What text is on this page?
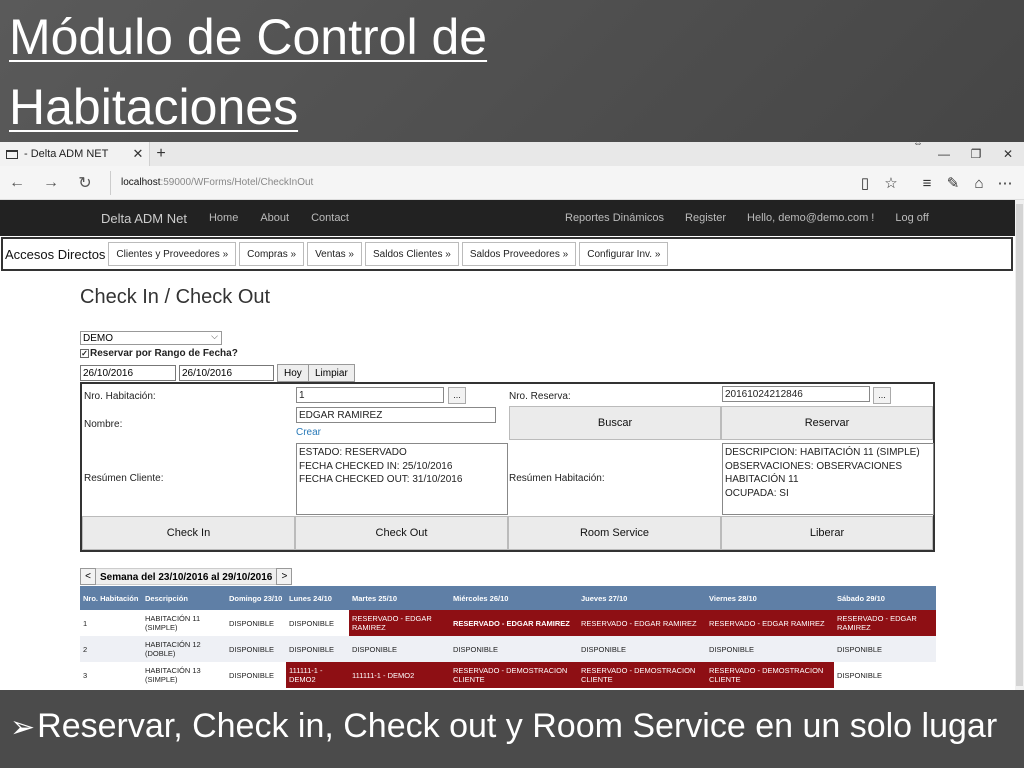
Módulo de Control de
Habitaciones
- Delta ADM NET	✕ +
⇔
—	❐	✕
←	→	↻	localhost :59000/WForms/Hotel/CheckInOut	▯	☆	≡	✎	⌂ ⋯
Delta ADM Net Home About Contact	Reportes Dinámicos Register Hello, demo@demo.com ! Log off
Accesos Directos	Clientes y Proveedores »	Compras »	Ventas »	Saldos Clientes »	Saldos Proveedores »	Configurar Inv. »
Check In / Check Out
DEMO	⌵
✓ Reservar por Rango de Fecha?
26/10/2016	26/10/2016	Hoy	Limpiar
Nro. Habitación:	1	...	Nro. Reserva:	20161024212846	...
Nombre:
EDGAR RAMIREZ
Crear
Buscar	Reservar
Resúmen Cliente:
ESTADO: RESERVADO
FECHA CHECKED IN: 25/10/2016
FECHA CHECKED OUT: 31/10/2016	Resúmen Habitación:
DESCRIPCION: HABITACIÓN 11 (SIMPLE)
OBSERVACIONES: OBSERVACIONES
HABITACIÓN 11
OCUPADA: SI
Check In	Check Out	Room Service	Liberar
< Semana del 23/10/2016 al 29/10/2016 >
Nro. Habitación	Descripción	Domingo 23/10	Lunes 24/10	Martes 25/10	Miércoles 26/10	Jueves 27/10	Viernes 28/10	Sábado 29/10
1	HABITACIÓN 11 (SIMPLE)	DISPONIBLE	DISPONIBLE	RESERVADO - EDGAR RAMIREZ	RESERVADO - EDGAR RAMIREZ	RESERVADO - EDGAR RAMIREZ	RESERVADO - EDGAR RAMIREZ	RESERVADO - EDGAR RAMIREZ
2	HABITACIÓN 12 (DOBLE)	DISPONIBLE	DISPONIBLE	DISPONIBLE	DISPONIBLE	DISPONIBLE	DISPONIBLE	DISPONIBLE
3	HABITACIÓN 13 (SIMPLE)	DISPONIBLE	111111-1 - DEMO2	111111-1 - DEMO2	RESERVADO - DEMOSTRACION CLIENTE	RESERVADO - DEMOSTRACION CLIENTE	RESERVADO - DEMOSTRACION CLIENTE	DISPONIBLE
➢Reservar, Check in, Check out y Room Service en un solo lugar
